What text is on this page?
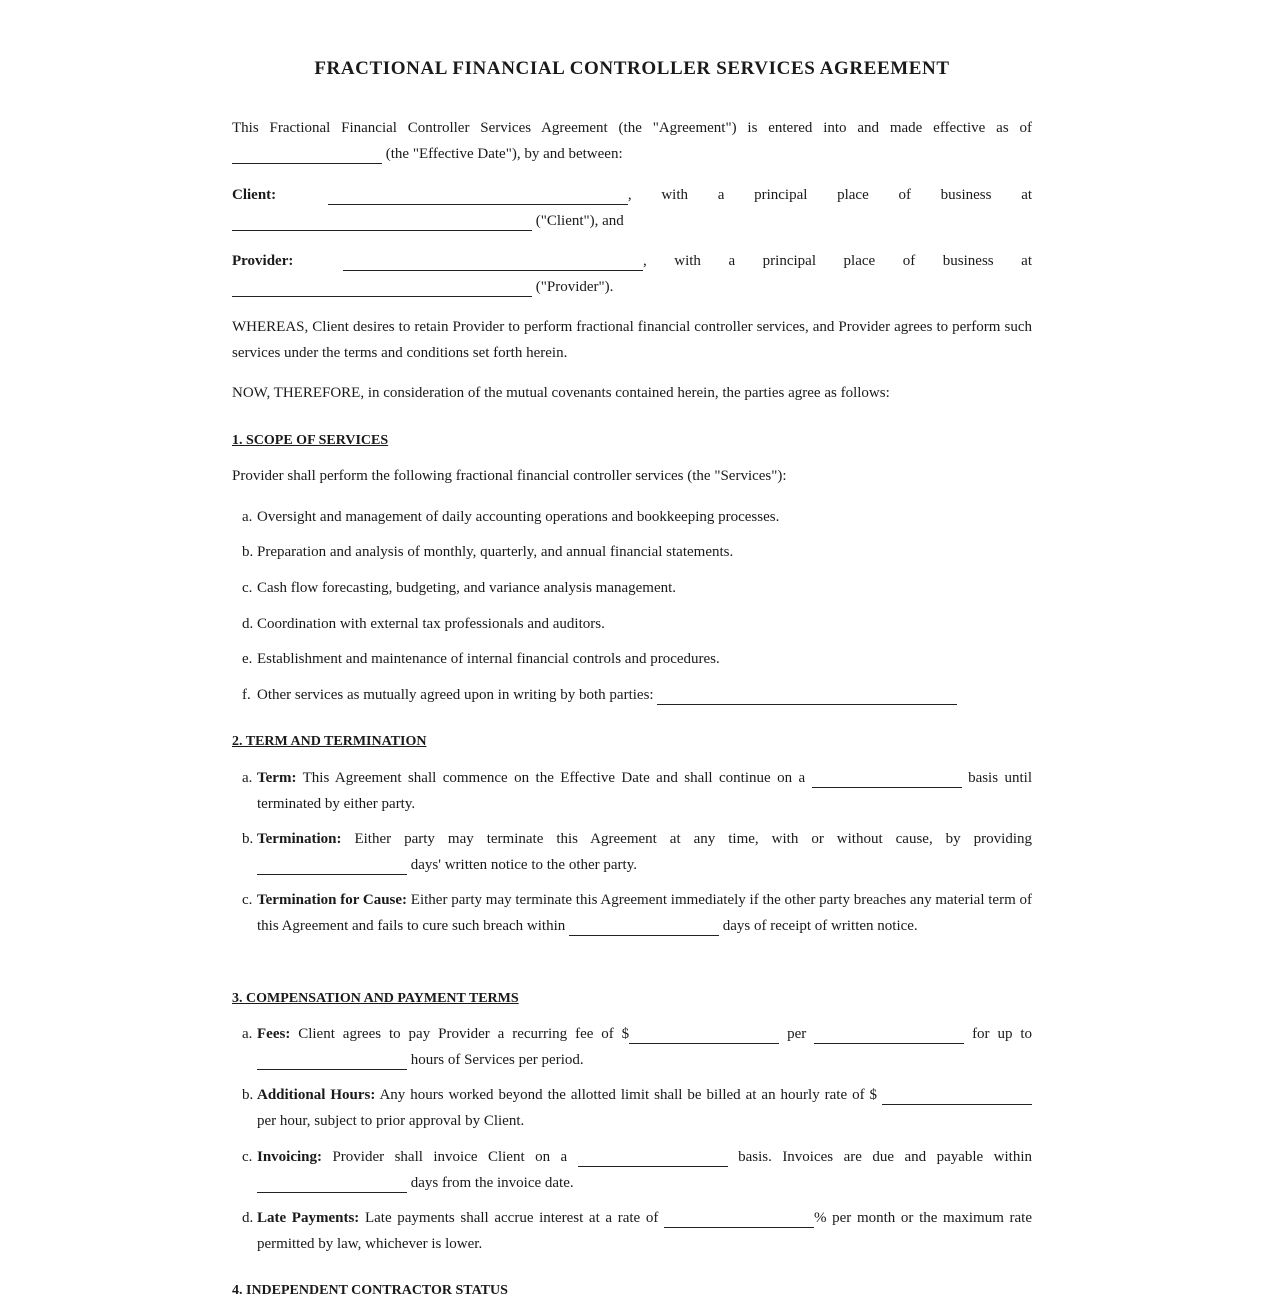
FRACTIONAL FINANCIAL CONTROLLER SERVICES AGREEMENT

This Fractional Financial Controller Services Agreement (the "Agreement") is entered into and made effective as of

(the "Effective Date"), by and between:

Client:	, with a principal place of business at

("Client"), and

Provider:	, with a principal place of business at

("Provider").

WHEREAS, Client desires to retain Provider to perform fractional financial controller services, and Provider agrees to perform such services under the terms and conditions set forth herein.

NOW, THEREFORE, in consideration of the mutual covenants contained herein, the parties agree as follows:

1. SCOPE OF SERVICES

Provider shall perform the following fractional financial controller services (the "Services"):

a. Oversight and management of daily accounting operations and bookkeeping processes.
b. Preparation and analysis of monthly, quarterly, and annual financial statements.
c. Cash flow forecasting, budgeting, and variance analysis management.
d. Coordination with external tax professionals and auditors.
e. Establishment and maintenance of internal financial controls and procedures.
f. Other services as mutually agreed upon in writing by both parties:
2. TERM AND TERMINATION
a. Term: This Agreement shall commence on the Effective Date and shall continue on a	basis until terminated by either party.

b. Termination: Either party may terminate this Agreement at any time, with or without cause, by providing  days' written notice to the other party.

c. Termination for Cause: Either party may terminate this Agreement immediately if the other party breaches any material term of this Agreement and fails to cure such breach within	days of receipt of written notice.

3. COMPENSATION AND PAYMENT TERMS
a. Fees: Client agrees to pay Provider a recurring fee of $	per	for up to  hours of Services per period.

b. Additional Hours: Any hours worked beyond the allotted limit shall be billed at an hourly rate of $  per hour, subject to prior approval by Client.

c. Invoicing: Provider shall invoice Client on a	basis. Invoices are due and payable within  days from the invoice date.

d. Late Payments: Late payments shall accrue interest at a rate of	% per month or the maximum rate permitted by law, whichever is lower.

4. INDEPENDENT CONTRACTOR STATUS
